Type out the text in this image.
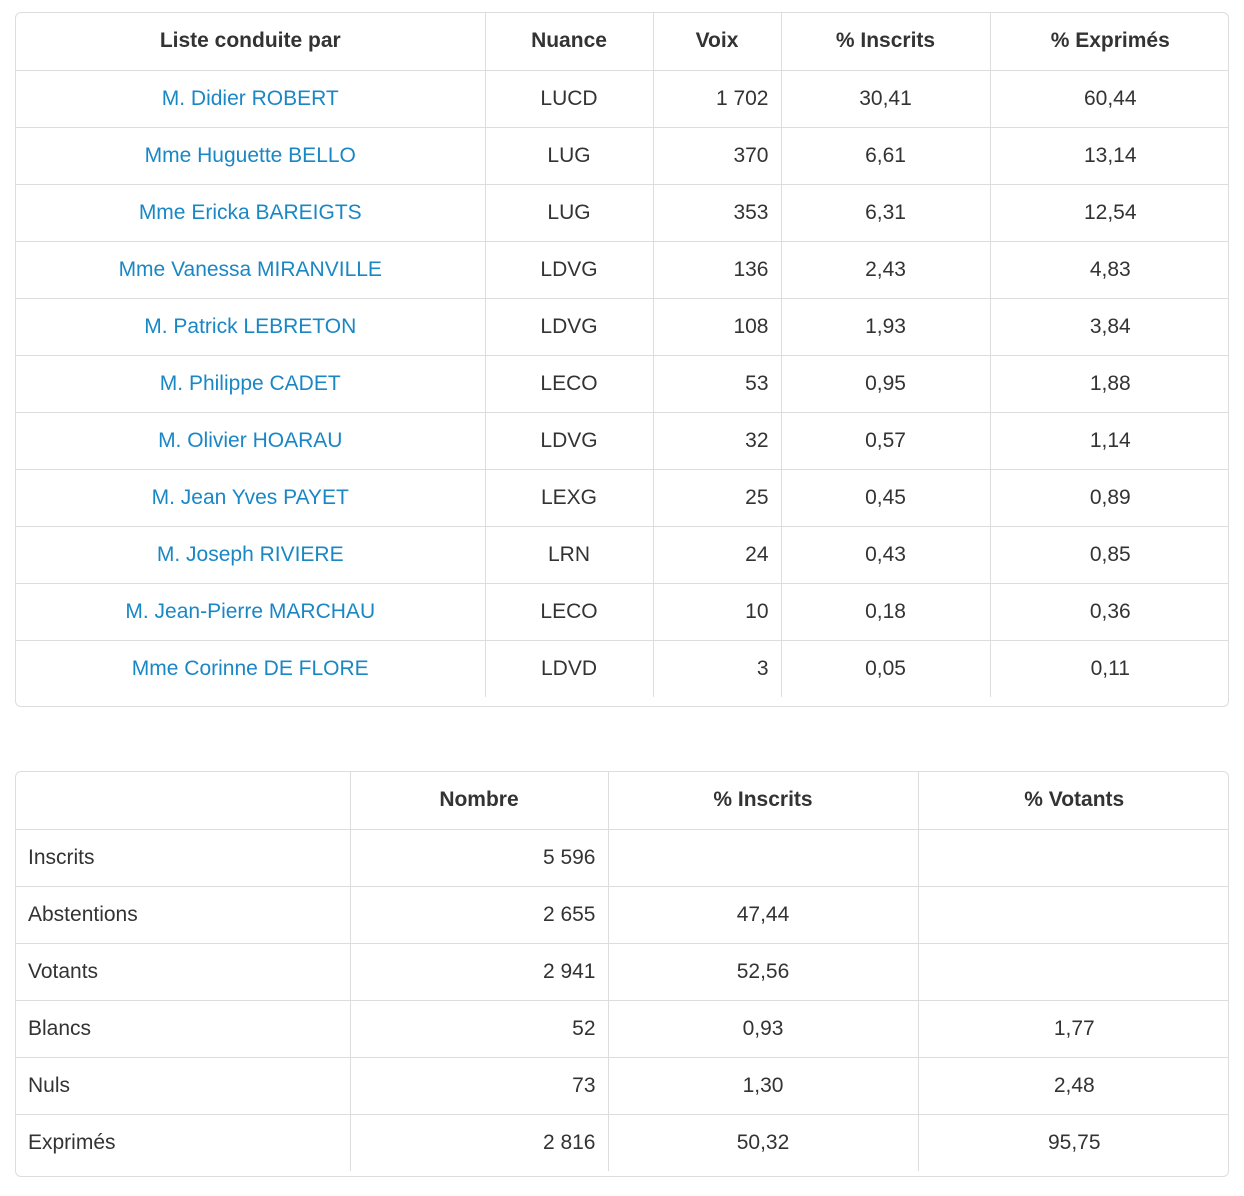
Liste conduite par	Nuance	Voix	% Inscrits	% Exprimés
M. Didier ROBERT	LUCD	1 702	30,41	60,44
Mme Huguette BELLO	LUG	370	6,61	13,14
Mme Ericka BAREIGTS	LUG	353	6,31	12,54
Mme Vanessa MIRANVILLE	LDVG	136	2,43	4,83
M. Patrick LEBRETON	LDVG	108	1,93	3,84
M. Philippe CADET	LECO	53	0,95	1,88
M. Olivier HOARAU	LDVG	32	0,57	1,14
M. Jean Yves PAYET	LEXG	25	0,45	0,89
M. Joseph RIVIERE	LRN	24	0,43	0,85
M. Jean-Pierre MARCHAU	LECO	10	0,18	0,36
Mme Corinne DE FLORE	LDVD	3	0,05	0,11
	Nombre	% Inscrits	% Votants
Inscrits	5 596		
Abstentions	2 655	47,44	
Votants	2 941	52,56	
Blancs	52	0,93	1,77
Nuls	73	1,30	2,48
Exprimés	2 816	50,32	95,75
